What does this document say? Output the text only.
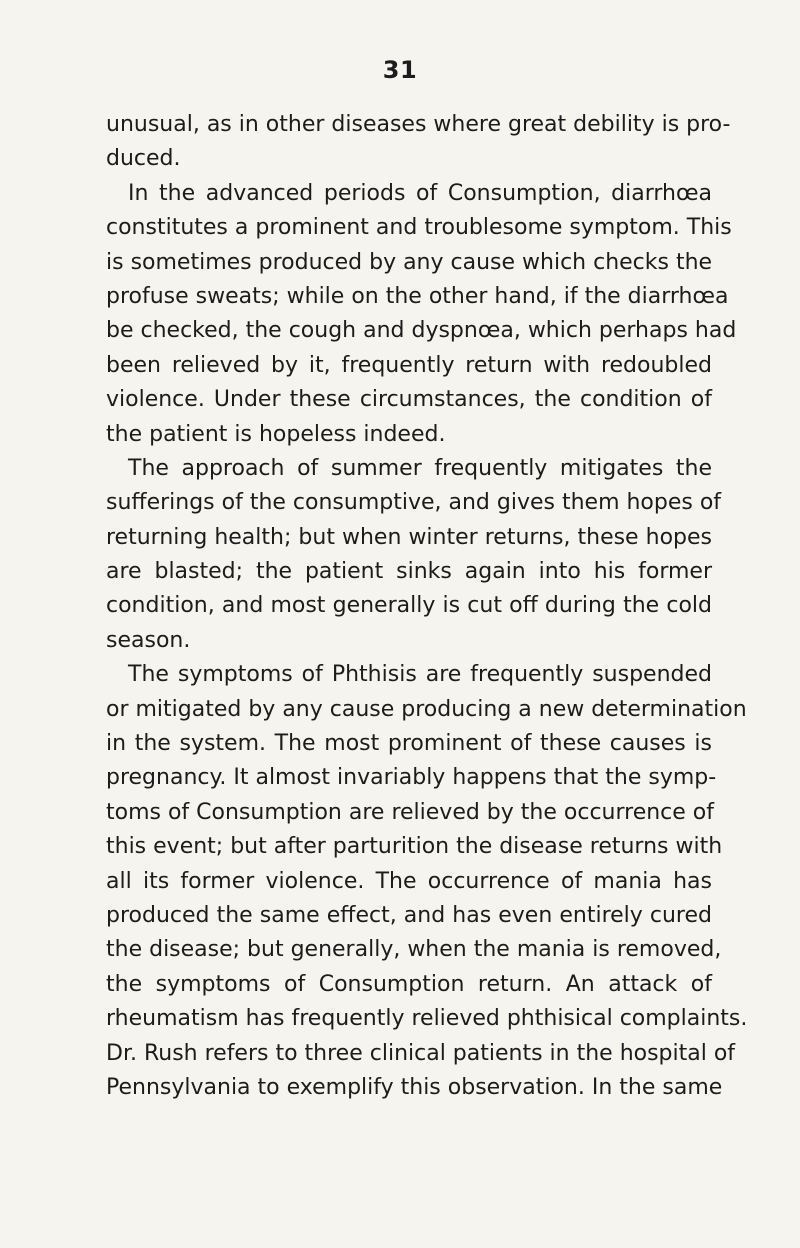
31
unusual, as in other diseases where great debility is pro-
duced.
In the advanced periods of Consumption, diarrhœa
constitutes a prominent and troublesome symptom. This
is sometimes produced by any cause which checks the
profuse sweats; while on the other hand, if the diarrhœa
be checked, the cough and dyspnœa, which perhaps had
been relieved by it, frequently return with redoubled
violence. Under these circumstances, the condition of
the patient is hopeless indeed.
The approach of summer frequently mitigates the
sufferings of the consumptive, and gives them hopes of
returning health; but when winter returns, these hopes
are blasted; the patient sinks again into his former
condition, and most generally is cut off during the cold
season.
The symptoms of Phthisis are frequently suspended
or mitigated by any cause producing a new determination
in the system. The most prominent of these causes is
pregnancy. It almost invariably happens that the symp-
toms of Consumption are relieved by the occurrence of
this event; but after parturition the disease returns with
all its former violence. The occurrence of mania has
produced the same effect, and has even entirely cured
the disease; but generally, when the mania is removed,
the symptoms of Consumption return. An attack of
rheumatism has frequently relieved phthisical complaints.
Dr. Rush refers to three clinical patients in the hospital of
Pennsylvania to exemplify this observation. In the same
